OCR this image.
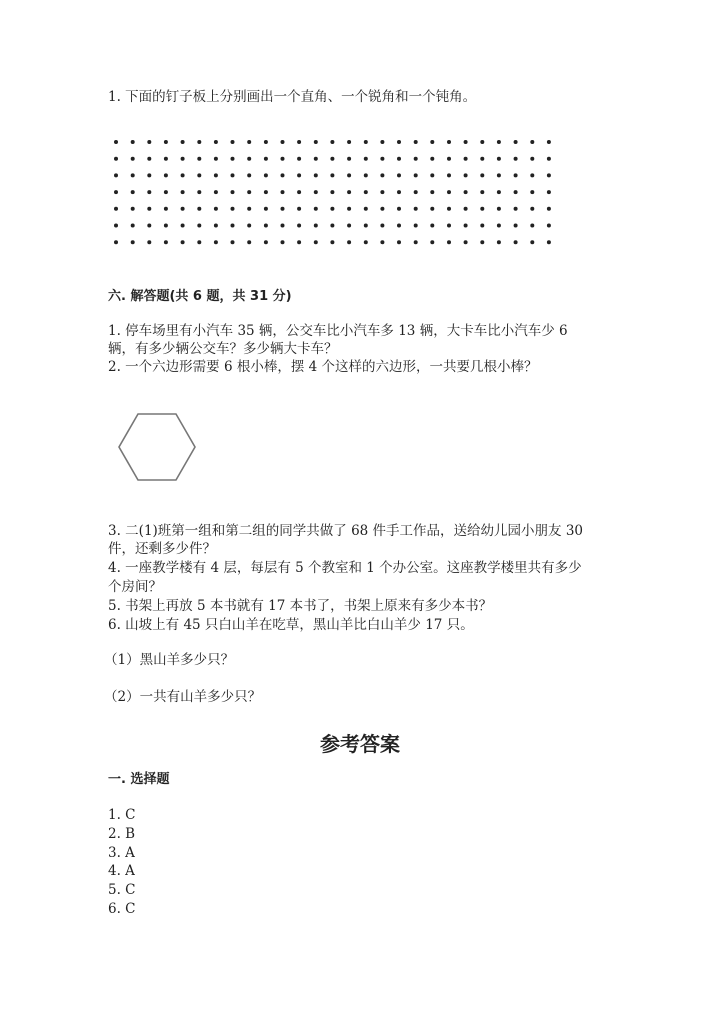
1. 下面的钉子板上分别画出一个直角、一个锐角和一个钝角。
六. 解答题(共 6 题，共 31 分)
1. 停车场里有小汽车 35 辆，公交车比小汽车多 13 辆，大卡车比小汽车少 6
辆，有多少辆公交车？多少辆大卡车？
2. 一个六边形需要 6 根小棒，摆 4 个这样的六边形，一共要几根小棒？
3. 二(1)班第一组和第二组的同学共做了 68 件手工作品，送给幼儿园小朋友 30
件，还剩多少件？
4. 一座教学楼有 4 层，每层有 5 个教室和 1 个办公室。这座教学楼里共有多少
个房间？
5. 书架上再放 5 本书就有 17 本书了，书架上原来有多少本书？
6. 山坡上有 45 只白山羊在吃草，黑山羊比白山羊少 17 只。
（1）黑山羊多少只？
（2）一共有山羊多少只？
参考答案
一. 选择题
1. C
2. B
3. A
4. A
5. C
6. C
